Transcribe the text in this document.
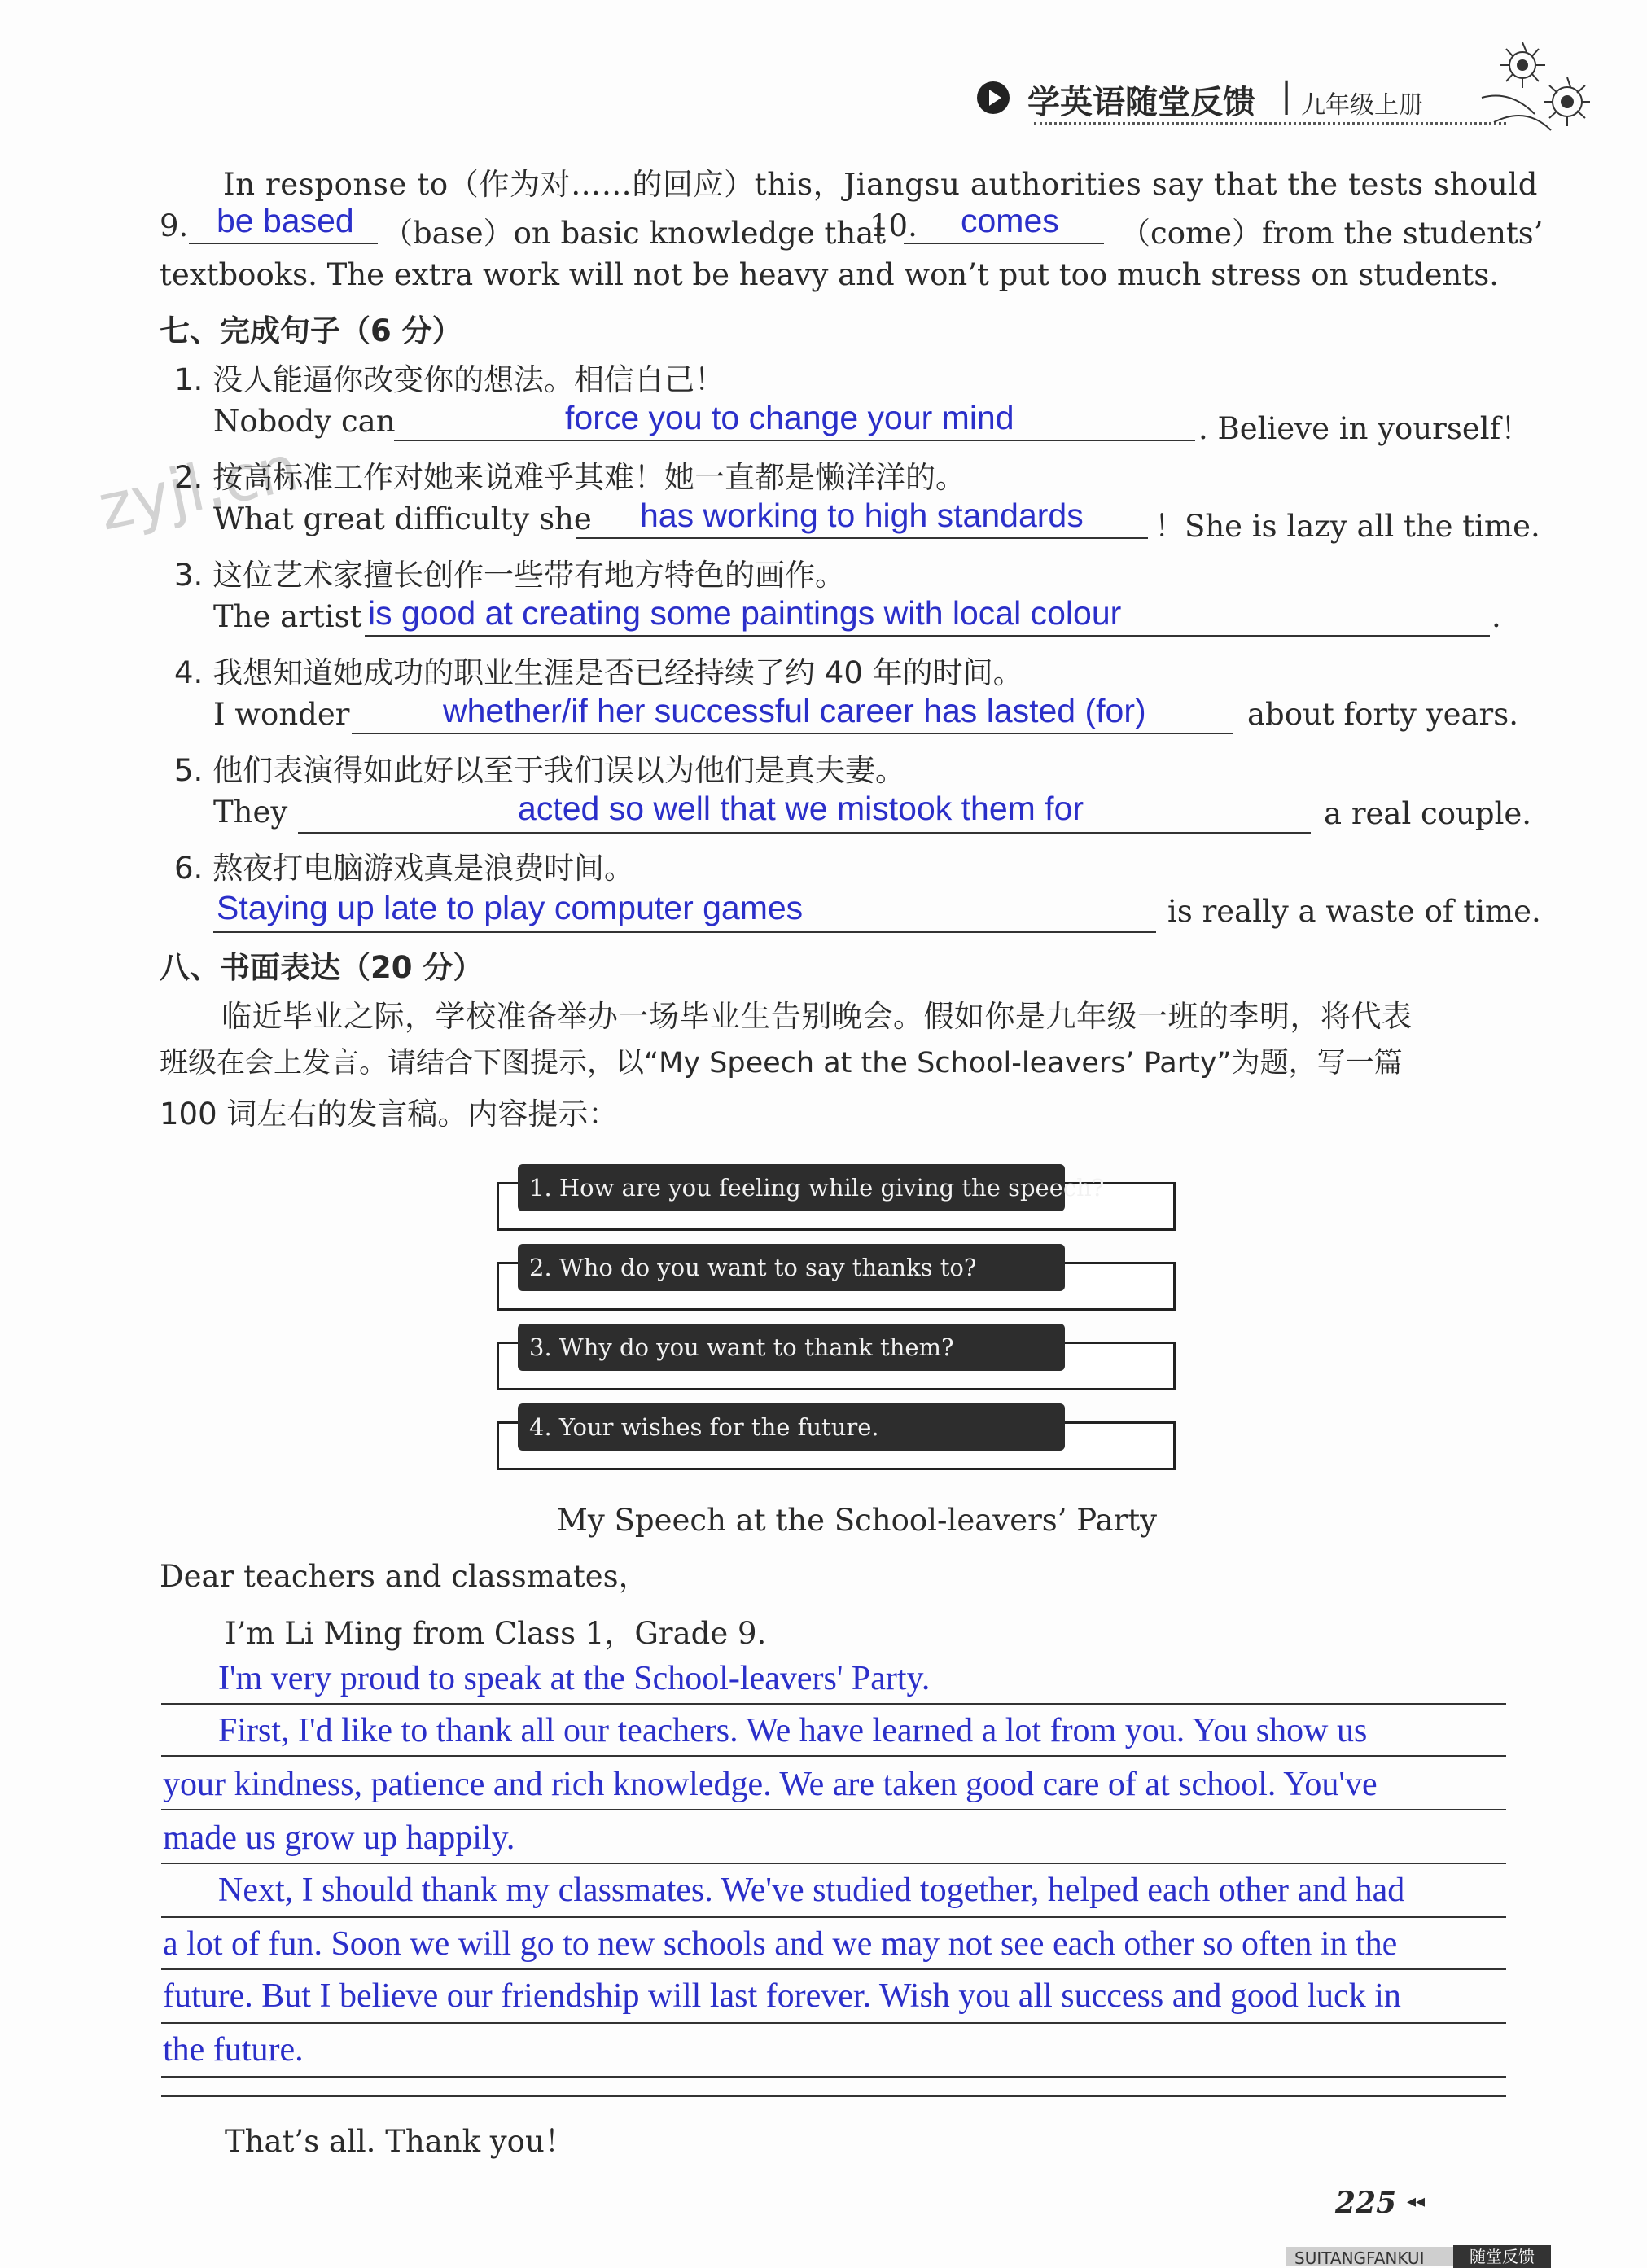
学英语随堂反馈 | 九年级上册
zyjl.cn
In response to（作为对……的回应）this，Jiangsu authorities say that the tests should
9. be based （base）on basic knowledge that
10. comes （come）from the students’
textbooks. The extra work will not be heavy and won’t put too much stress on students.
七、完成句子（6 分）
1. 没人能逼你改变你的想法。相信自己！
Nobody can	force you to change your mind	. Believe in yourself！
2. 按高标准工作对她来说难乎其难！她一直都是懒洋洋的。
What great difficulty she has working to high standards ！She is lazy all the time.
3. 这位艺术家擅长创作一些带有地方特色的画作。
The artist is good at creating some paintings with local colour	.
4. 我想知道她成功的职业生涯是否已经持续了约 40 年的时间。
I wonder	whether/if her successful career has lasted (for)	about forty years.
5. 他们表演得如此好以至于我们误以为他们是真夫妻。
They	acted so well that we mistook them for	a real couple.
6. 熬夜打电脑游戏真是浪费时间。
Staying up late to play computer games	is really a waste of time.
八、书面表达（20 分）
临近毕业之际，学校准备举办一场毕业生告别晚会。假如你是九年级一班的李明，将代表
班级在会上发言。请结合下图提示，以“My Speech at the School-leavers’ Party”为题，写一篇
100 词左右的发言稿。内容提示：
1. How are you feeling while giving the speech?
2. Who do you want to say thanks to?
3. Why do you want to thank them?
4. Your wishes for the future.
My Speech at the School-leavers’ Party
Dear teachers and classmates，
I’m Li Ming from Class 1，Grade 9.
I'm very proud to speak at the School-leavers' Party.
First, I'd like to thank all our teachers. We have learned a lot from you. You show us
your kindness, patience and rich knowledge. We are taken good care of at school. You've
made us grow up happily.
Next, I should thank my classmates. We've studied together, helped each other and had
a lot of fun. Soon we will go to new schools and we may not see each other so often in the
future. But I believe our friendship will last forever. Wish you all success and good luck in
the future.
That’s all. Thank you！
225 ◂◂
SUITANGFANKUI	随堂反馈
